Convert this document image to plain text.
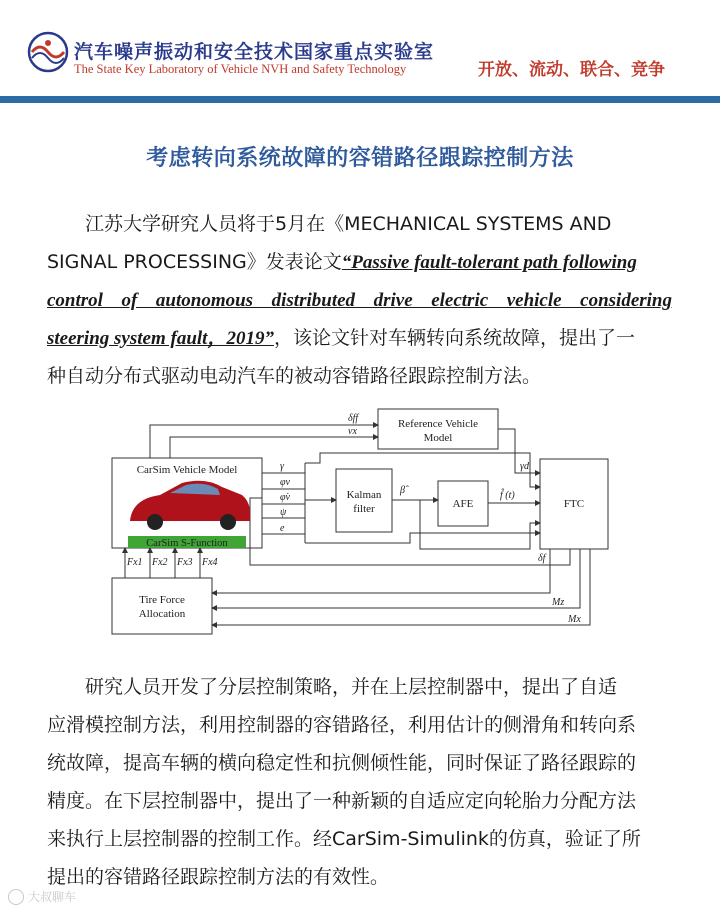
汽车噪声振动和安全技术国家重点实验室
The State Key Laboratory of Vehicle NVH and Safety Technology	开放、流动、联合、竞争
考虑转向系统故障的容错路径跟踪控制方法
江苏大学研究人员将于5月在《MECHANICAL SYSTEMS AND
SIGNAL PROCESSING》发表论文“Passive fault-tolerant path following
control of autonomous distributed drive electric vehicle considering
steering system fault，2019”，该论文针对车辆转向系统故障，提出了一
种自动分布式驱动电动汽车的被动容错路径跟踪控制方法。
Reference Vehicle
Model
CarSim Vehicle Model
CarSim S-Function
Kalman
filter	AFE	FTC
Tire Force
Allocation
δff
vx
γ
φv
φ̇v
ψ
e
β̂	f̂ (t)
γd
δf
Mz
Mx
Fx1 Fx2 Fx3 Fx4
研究人员开发了分层控制策略，并在上层控制器中，提出了自适
应滑模控制方法，利用控制器的容错路径，利用估计的侧滑角和转向系
统故障，提高车辆的横向稳定性和抗侧倾性能，同时保证了路径跟踪的
精度。在下层控制器中，提出了一种新颖的自适应定向轮胎力分配方法
来执行上层控制器的控制工作。经CarSim-Simulink的仿真，验证了所
提出的容错路径跟踪控制方法的有效性。
大叔聊车
